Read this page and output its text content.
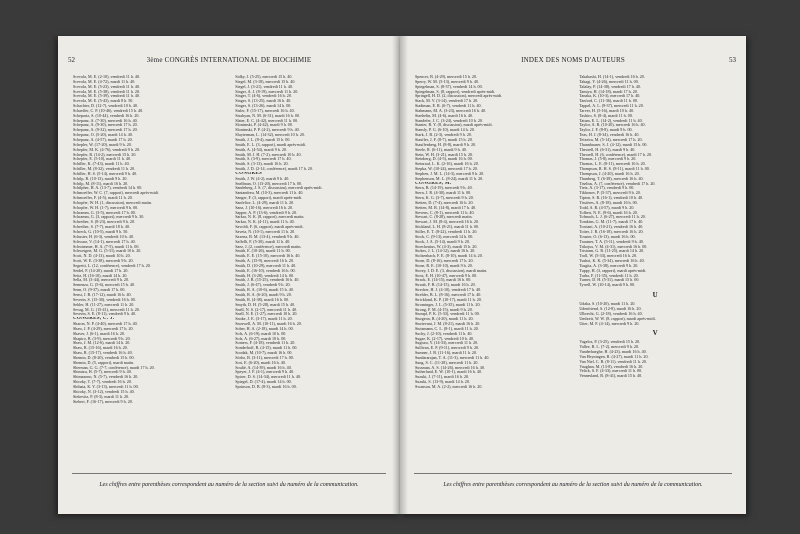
52	3ème CONGRÈS INTERNATIONAL DE BIOCHIMIE
Scevola, M. E. (2-10), vendredi 11 h. 40.
Scevola, M. E. (4-72), mardi 11 h. 40.
Scevola, M. E. (5-23), vendredi 11 h. 40.
Scevola, M. E. (5-38), vendredi 11 h. 20.
Scevola, M. E. (5-39), vendredi 11 h. 40.
Scevola, M. E. (5-43), mardi 8 h. 50.
Schachter, D. (12-7), vendredi 10 h. 40.
Schaeffer, C. P. (10-46), vendredi 15 h. 40.
Schepartz, S. (10-44), vendredi 16 h. 20.
Schepanz, A. (7-30), mercredi 16 h. 40.
Schepanz, A. (9-30), mercredi 17 h. 20.
Schepanz, A. (9-32), mercredi 17 h. 20.
Schepanz, O. (5-20), mardi 14 h. 40.
Schepanz, A. (4-57), mardi 17 h. 20.
Schepler, W. (17-20), mardi 9 h. 20.
Schepfer, M. K. (4-76), vendredi 9 h. 20.
Schepfer, R. (14-2), mercredi 15 h. 20.
Schepfer, E. (5-10), mardi 11 h. 40.
Schiller, K. (7-43), mardi 11 h. 40.
Schiller, M. (8-32), vendredi 11 h. 20.
Schiller, H. S. (5-14), mercredi 9 h. 40.
Schilp, R. (10-13), mardi 9 h. 20.
Schilp, M. (8-11), mardi 16 h. 20.
Schilpher, H. A. (13-7), vendredi 14 h. 00.
Schmoeffer, W. C. (7, rapport), mercredi après-midi.
Schmoeffer, F. (4-5), mardi 11 h. 20.
Schopfer, W. H. (1, discussion), mercredi matin.
Schopfer, W. H. (1-7), mercredi 9 h. 00.
Schramm, G. (3-5), mercredi 17 h. 00.
Schramm, G. (3, rapport), mercredi 9 h. 30.
Schreiber, S. (8-23), mercredi 9 h. 20.
Schreiber, S. (7-7), mardi 18 h. 40.
Schreck, G. (10-5), mardi 9 h. 50.
Schuster, H. (6-3), vendredi 10 h. 40.
Schwarz, V. (14-1), mercredi 17 h. 40.
Schwimmer, H. A. (7-5), mardi 11 h. 00.
Schweigert, M. G. (5-31), mardi 10 h. 20.
Scott, N. D. (4-13), mardi 10 h. 20.
Scott, W. E. (3-38), mercredi 9 h. 20.
Segretti, L. (12, conférence), vendredi 17 h. 20.
Seidel, F. (14-20), mardi 17 h. 20.
Seitz, H. (16-10), mardi 14 h. 20.
Sella, M. (3-44), mercredi 9 h. 20.
Semenza, G. (5-6), mercredi 15 h. 40.
Senn, O. (9-37), mardi 17 h. 00.
Sensi, J. B. (17-12), mardi 16 h. 40.
Severin, S. (15-30), vendredi 16 h. 00.
Sekler, H. (11-27), mercredi 11 h. 20.
Sevag, M. G. (15-41), mercredi 11 h. 20.
Severin, S. E. (8-11), vendredi 9 h. 40.
CONGRÈS, C. J.
Sharon, N. P. (4-40), mercredi 17 h. 40.
Shaw, J. P. (4-29), mercredi 17 h. 20.
Shaver, J. (6-1), mardi 16 h. 20.
Shapiro, B. (3-9), mercredi 9 h. 20.
Shaw, J. M. (12-6), mardi 14 h. 20.
Shaw, R. (15-16), mardi 16 h. 20.
Shaw, R. (15-17), vendredi 16 h. 40.
Shemin, D. (8-20), vendredi 15 h. 00.
Shemin, D. (5, rapport), mardi matin.
Sherman, G. G. (7-7, conférence), mardi 17 h. 20.
Shimizu, H. (5-7), mercredi 9 h. 40.
Shimazono, N. (5-7), vendredi 16 h. 20.
Shiroky, T. (7-7), vendredi 16 h. 20.
Shibata, K. Y. (3-13), mercredi 11 h. 00.
Shiroky, N. (3-12), vendredi 15 h. 40.
Siekevitz, P. (8-3), mardi 11 h. 20.
Siebert, F. (16-17), mercredi 9 h. 20.
Sidky, J. (5-25), mercredi 15 h. 40.
Siegel, M. (3-18), mercredi 15 h. 40.
Siegel, J. (3-21), vendredi 11 h. 40.
Singer, A. J. (8-19), mercredi 11 h. 20.
Singer, T. (4-6), vendredi 16 h. 20.
Singer, S. (13-25), mardi 16 h. 40.
Singer, S. (13-26), mardi 14 h. 00.
Sisler, F. (15-17), mercredi 16 h. 40.
Sisakyan, N. M. (6-31), mardi 16 h. 00.
Slater, E. C. (4-42), mercredi 11 h. 00.
Slonimski, P. (4-42), mardi 9 h. 00.
Slonimski, P. P. (4-2), mercredi 9 h. 40.
Sluyterman, L. (14-32), mercredi 10 h. 20.
Smith, J. L. (8-4), mardi 15 h. 00.
Smith, E. L. (3, rapport), mardi après-midi.
Smith, A. (4-54), mardi 9 h. 20.
Smith, M. J. H. (7-2), mercredi 10 h. 40.
Smith, S. (3-9), mercredi 17 h. 40.
Smith, S. (3-13), mardi 16 h. 20.
Smith, J. D. (2-14, conférence), mardi 17 h. 20.
CONGRÈS
Smith, J. W. (4-2), mardi 9 h. 40.
Snellman, O. (13-20), mercredi 17 h. 00.
Sandeberg, J. S. (7, discussion), mercredi après-midi.
Santandreu, M. (10-3), mercredi 11 h. 40.
Sanger, F. (3, rapport), mardi après-midi.
Sanfelice, L. (4-29), mardi 11 h. 20.
Sanz, J. (10-16), mercredi 16 h. 20.
Sapper, A. P. (13-6), vendredi 9 h. 20.
Sarkar, N. K. (8, rapport), mercredi matin.
Sarkar, N. K. (4-11), mardi 11 h. 40.
Savoldi, F. (6, rapport), mardi après-midi.
Saveta, N. (10-1), mercredi 11 h. 20.
Saxena, B. M. (13-4), vendredi 9 h. 40.
Saffelli, F. (5-30), mardi 11 h. 40.
Saez, J. (2, conférence), mercredi matin.
Smith, E. (10-26), mardi 11 h. 00.
Smith, E. E. (15-10), mercredi 16 h. 40.
Smith, A. (15-9), mercredi 16 h. 20.
Smith, D. (10-29), mercredi 11 h. 40.
Smith, E. (16-10), vendredi 16 h. 00.
Smith, H. (3-28), vendredi 14 h. 00.
Smith, J. B. (15-25), vendredi 16 h. 40.
Smith, J. (6-47), vendredi 9 h. 20.
Smith, R. A. (10-6), mardi 15 h. 40.
Smith, R. A. (6-20), mardi 9 h. 20.
Smith, R. (4-38), mardi 16 h. 00.
Smyth, D. H. (5-28), mardi 15 h. 40.
Snell, N. S. (2-17), mercredi 11 h. 40.
Snell, N. E. (1-27), mercredi 10 h. 20.
Snoke, J. E. (3-17), mardi 11 h. 20.
Snoswell, A. M. (10-11), mardi 16 h. 20.
Sober, H. A. (2-18), mardi 14 h. 00.
Sols, A. (6-19), mardi 10 h. 00.
Sols, A. (6-27), mardi 10 h. 00.
Somers, F. (4-18), vendredi 11 h. 20.
Sonderhoff, R. (4-15), mardi 11 h. 00.
Soodak, M. (10-7), mardi 16 h. 00.
Sörbo, B. (3-11), mercredi 17 h. 00.
Sori, E. (6-20), mardi 16 h. 40.
Soulié, A. (14-39), mardi 16 h. 40.
Speyer, J. F. (4-1), mercredi 9 h. 40.
Spicer, D. S. (14-34), mercredi 11 h. 40.
Spiegel, D. (17-4), mardi 14 h. 00.
Sprinson, D. B. (8-3), mardi 16 h. 00.
Les chiffres entre parenthèses correspondent au numéro de la section suivi du numéro de la communication.
INDEX DES NOMS D'AUTEURS	53
Spencer, B. (4-29), mercredi 15 h. 20.
Sperry, W. M. (5-13), mercredi 9 h. 40.
Spiegelman, S. (8-37), vendredi 14 h. 00.
Spiegelman, S. (8, rapport), vendredi après-midi.
Springell, H. D. (2, discussion), mercredi après-midi.
Stack, M. V. (3-14), vendredi 17 h. 20.
Stadtman, E. R. (6-7), vendredi 11 h. 40.
Stahmann, M. A. (3-23), mercredi 16 h. 40.
Staehelin, M. (4-6), mardi 16 h. 40.
Standefer, J. C. (3-24), vendredi 10 h. 20.
Stanier, R. Y. (8, discussion), mardi après-midi.
Stansly, P. G. (6-10), mardi 14 h. 20.
Stark, J. B. (2-3), vendredi 9 h. 20.
Stauffer, J. F. (8-7), mardi 15 h. 20.
Stauffenberg, H. (8-8), mardi 9 h. 20.
Steele, R. (6-11), mardi 9 h. 40.
Stein, W. H. (3-21), mardi 15 h. 20.
Steinberg, D. (4-5), mardi 16 h. 00.
Steinrauf, L. K. (2-16), mardi 16 h. 20.
Stepka, W. (10-24), mercredi 17 h. 20.
Stephen, J. M. L. (14-3), mercredi 9 h. 20.
Stephenson, M. L. (8-24), mardi 11 h. 20.
CONGRÈS, M.
Stern, B. (14-19), mercredi 9 h. 40.
Stern, J. R. (4-30), mardi 11 h. 00.
Stern, K. G. (3-7), mercredi 9 h. 20.
Stetten, D. (7-4), mercredi 16 h. 20.
Stetten, M. R. (14-8), mardi 17 h. 40.
Stevens, C. (8-1), mercredi 11 h. 40.
Stewart, C. (8-28), mercredi matin.
Stewart, J. M. (8-4), mercredi 16 h. 20.
Stickland, L. H. (8-21), mardi 11 h. 00.
Stiller, E. T. (8-22), vendredi 11 h. 20.
Stock, C. (9-13), mercredi 14 h. 00.
Stock, J. A. (5-14), mardi 9 h. 20.
Stoeckenius, W. (4-3), mardi 15 h. 20.
Stokes, J. L. (14-12), mardi 16 h. 20.
Stolzenbach, F. E. (8-10), mardi 14 h. 20.
Stone, D. (8-16), mercredi 17 h. 20.
Stone, R. E. (10-10), mardi 9 h. 20.
Storey, I. D. E. (3, discussion), mardi matin.
Stotz, E. H. (10-47), mercredi 9 h. 00.
Strack, E. (14-15), mardi 16 h. 00.
Straub, F. B. (14-15), mardi 16 h. 20.
Strecker, H. J. (4-10), vendredi 17 h. 40.
Strehler, B. L. (8-16), mercredi 17 h. 40.
Strickland, K. P. (10-17), mardi 11 h. 20.
Strominger, J. L. (5-35), mardi 11 h. 20.
Strong, F. M. (4-15), mardi 9 h. 20.
Stumpf, P. K. (5-33), vendredi 11 h. 00.
Sturgeon, B. (4-20), mardi 11 h. 20.
Sturtevant, J. M. (8-21), mardi 16 h. 20.
Stutzmann, C. L. (8-1), mardi 11 h. 20.
Suchy, J. (2-10), vendredi 11 h. 40.
Sugae, K. (2-17), vendredi 10 h. 40.
Sugiura, Y. (14-33), mercredi 11 h. 20.
Sullivan, E. P. (9-11), mercredi 9 h. 20.
Sumner, J. B. (11-16), mardi 11 h. 20.
Sundararajan, T. A. (11-3), mercredi 11 h. 40.
Sung, S. C. (11-28), mercredi 11 h. 20.
Sussman, A. S. (14-26), mercredi 16 h. 40.
Sutherland, E. W. (10-1), mardi 16 h. 40.
Suzuki, J. (7-11), mardi 16 h. 20.
Suzuki, S. (13-9), mardi 14 h. 20.
Swanson, M. A. (2-2), mercredi 16 h. 20.
Takahashi, H. (14-1), vendredi 16 h. 20.
Takagi, Y. (4-26), mercredi 11 h. 00.
Talalay, P. (14-38), vendredi 17 h. 40.
Tamiya, H. (14-18), mardi 17 h. 20.
Tanaka, K. (10-3), mercredi 17 h. 40.
Tanford, C. (11-36), mardi 11 h. 00.
Tappel, A. L. (9-37), mercredi 11 h. 20.
Tarver, H. (5-16), mardi 10 h. 40.
Tashiro, S. (8-4), mardi 11 h. 00.
Tatum, E. L. (14-2), vendredi 11 h. 40.
Taylor, A. R. (10-20), mercredi 16 h. 40.
Taylor, J. F. (8-8), mardi 9 h. 00.
Teas, H. J. (8-34), vendredi 16 h. 40.
Teixeira, M. (5-14), mercredi 17 h. 20.
Thannhauser, S. J. (4-12), mardi 15 h. 00.
Theorell, H. (6-31), mardi 9 h. 40.
Theorell, H. (6, conférence), mardi 17 h. 20.
Thomas, J. (5-8), mercredi 9 h. 20.
Thomas, L. E. (8-11), mercredi 16 h. 20.
Thompson, R. H. S. (8-11), mardi 11 h. 00.
Thompson, J. (4-20), mardi 16 h. 20.
Thunberg, T. (6-38), mercredi 16 h. 40.
Tiselius, A. (7, conférence), vendredi 17 h. 20.
Tietz, A. (3-17), vendredi 9 h. 00.
Tikhonov, P. (5-37), mercredi 9 h. 20.
Tipton, S. R. (16-1), vendredi 10 h. 40.
Tissières, A. (8-18), mardi 16 h. 00.
Todd, A. R. (4-57), mardi 9 h. 20.
Tolbert, N. E. (9-6), mardi 16 h. 20.
Tolmach, L. J. (6-27), mercredi 11 h. 20.
Tomkins, G. M. (11-7), mardi 17 h. 40.
Torriani, A. (10-21), vendredi 16 h. 40.
Totter, J. R. (16-18), mercredi 16 h. 20.
Touster, O. (6-13), mardi 16 h. 00.
Trautner, T. A. (5-11), vendredi 9 h. 40.
Trikojus, V. M. (4-31), mercredi 16 h. 00.
Tristram, G. R. (11-25), mardi 14 h. 20.
Troll, W. (5-33), mercredi 16 h. 20.
Tsuboi, K. K. (5-34), mercredi 16 h. 40.
Tsugita, A. (3-38), mercredi 9 h. 20.
Tuppy, H. (3, rapport), mardi après-midi.
Turba, F. (11-35), vendredi 11 h. 20.
Turner, D. H. (5-31), mardi 15 h. 00.
Tyrrell, W. (10-14), mardi 9 h. 00.
U
Udaka, S. (10-20), mardi 11 h. 20.
Udenfriend, S. (12-8), mardi 16 h. 20.
Ulbrecht, G. (2-18), vendredi 16 h. 40.
Umbreit, W. W. (8, rapport), mardi après-midi.
Utter, M. F. (4-14), mercredi 9 h. 20.
V
Vagelos, P. (3-25), vendredi 15 h. 20.
Vallee, B. L. (7-2), mercredi 9 h. 20.
Vanderhaeghe, H. (4-23), mardi 16 h. 40.
Van Heyningen, R. (4-27), mardi 11 h. 20.
Van Niel, C. B. (8-11), vendredi 11 h. 20.
Vaughan, M. (13-8), vendredi 16 h. 20.
Velick, S. F. (4-33), mercredi 11 h. 00.
Vennesland, B. (8-41), mardi 15 h. 40.
Les chiffres entre parenthèses correspondent au numéro de la section suivi du numéro de la communication.
